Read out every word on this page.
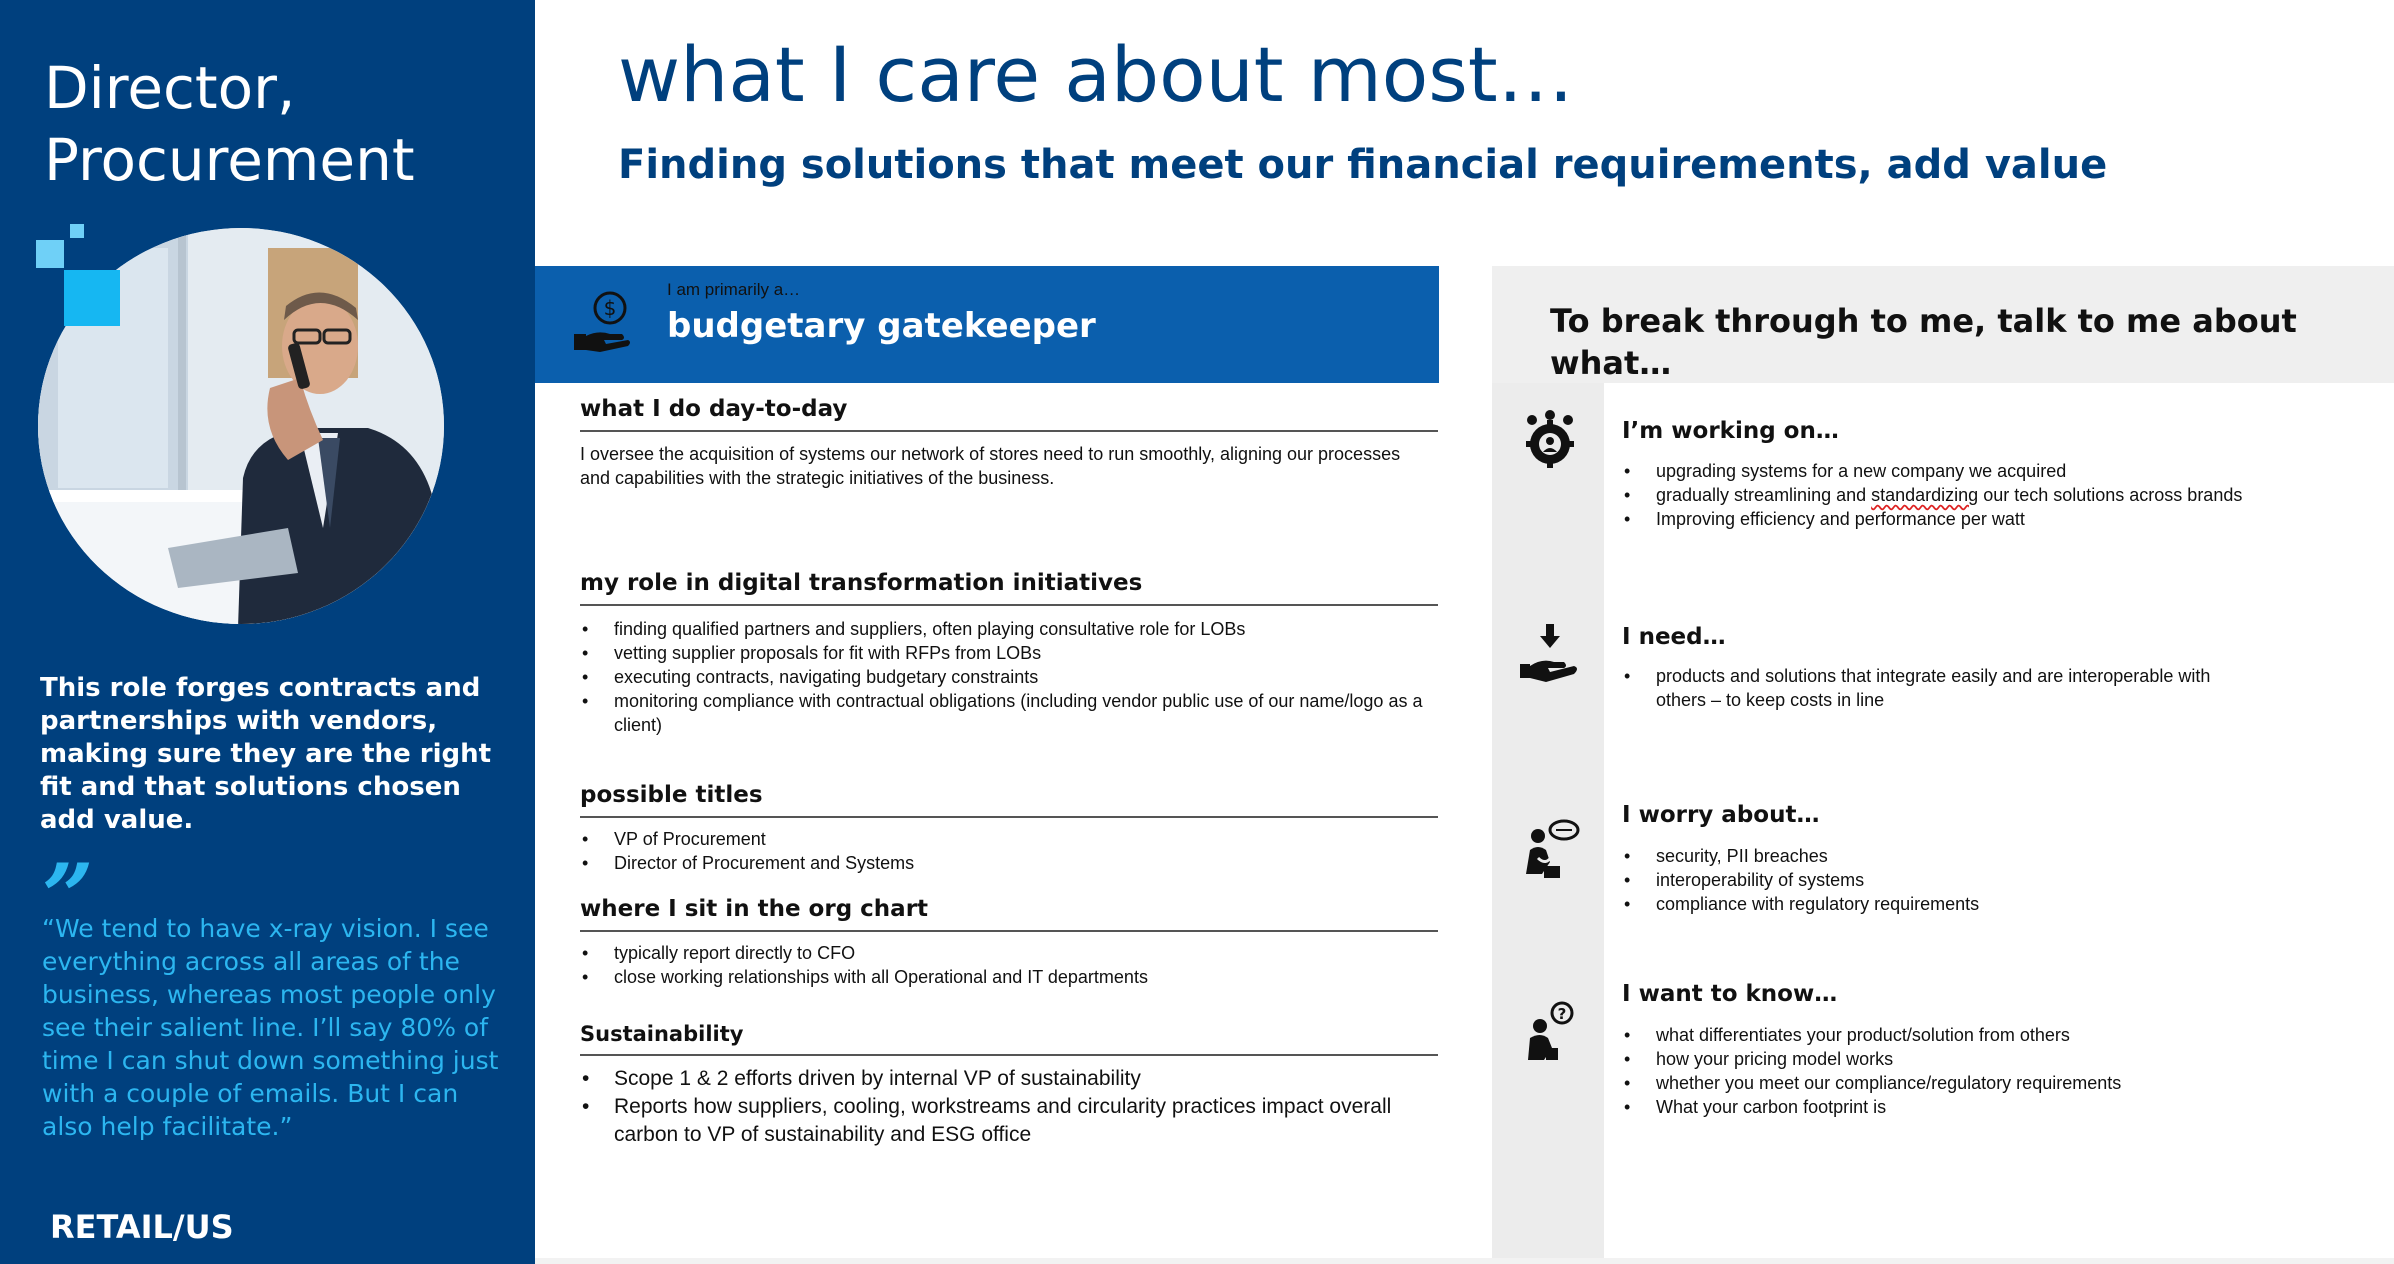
Director,
Procurement
This role forges contracts and partnerships with vendors, making sure they are the right fit and that solutions chosen add value.
”
“We tend to have x-ray vision. I see everything across all areas of the business, whereas most people only see their salient line. I’ll say 80% of time I can shut down something just with a couple of emails. But I can also help facilitate.”
RETAIL/US
what I care about most…
Finding solutions that meet our financial requirements, add value
$
I am primarily a…
budgetary gatekeeper
what I do day-to-day
I oversee the acquisition of systems our network of stores need to run smoothly, aligning our processes and capabilities with the strategic initiatives of the business.
my role in digital transformation initiatives
• finding qualified partners and suppliers, often playing consultative role for LOBs
• vetting supplier proposals for fit with RFPs from LOBs
• executing contracts, navigating budgetary constraints
• monitoring compliance with contractual obligations (including vendor public use of our name/logo as a client)
possible titles
• VP of Procurement
• Director of Procurement and Systems
where I sit in the org chart
• typically report directly to CFO
• close working relationships with all Operational and IT departments
Sustainability
• Scope 1 & 2 efforts driven by internal VP of sustainability
• Reports how suppliers, cooling, workstreams and circularity practices impact overall carbon to VP of sustainability and ESG office
To break through to me, talk to me about what…
I’m working on…
• upgrading systems for a new company we acquired
• gradually streamlining and standardizing our tech solutions across brands
• Improving efficiency and performance per watt
I need…
• products and solutions that integrate easily and are interoperable with others – to keep costs in line
I worry about…
• security, PII breaches
• interoperability of systems
• compliance with regulatory requirements
?
I want to know…
• what differentiates your product/solution from others
• how your pricing model works
• whether you meet our compliance/regulatory requirements
• What your carbon footprint is
